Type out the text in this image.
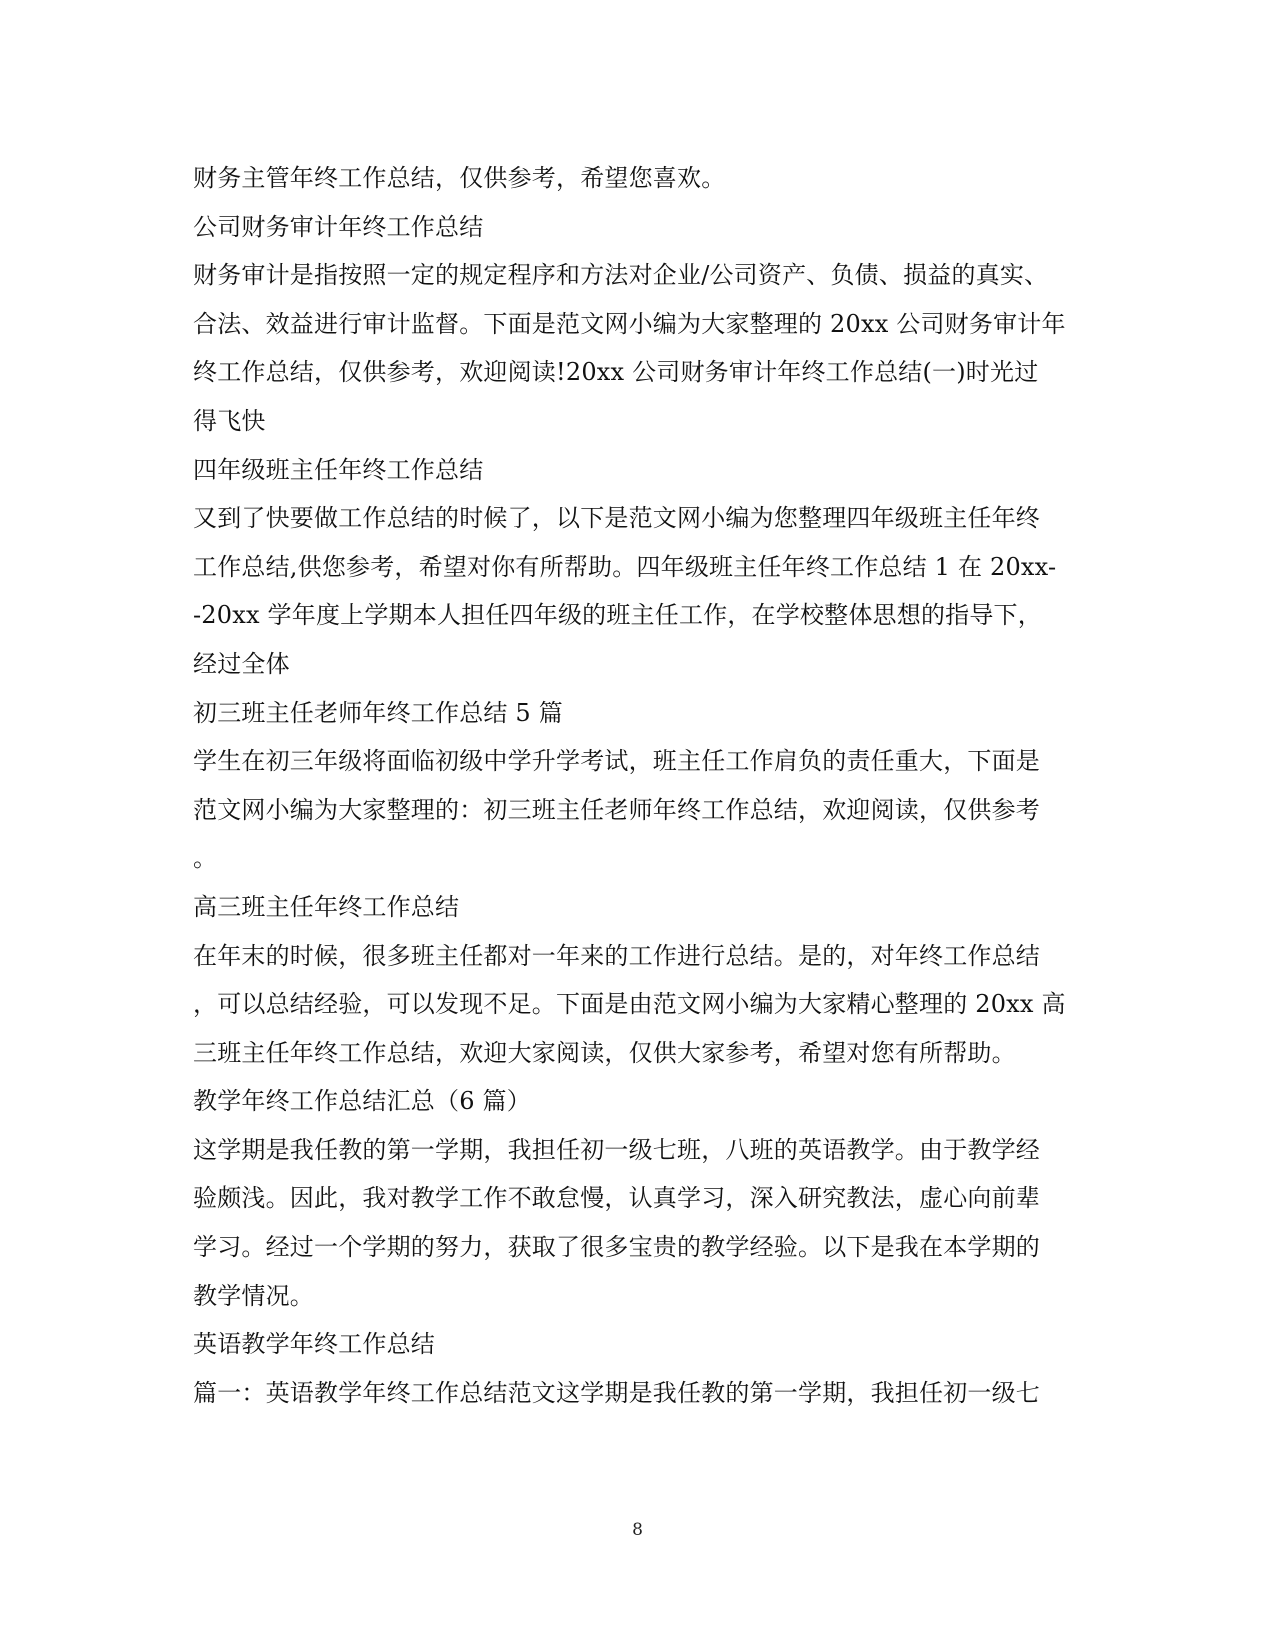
财务主管年终工作总结，仅供参考，希望您喜欢。
公司财务审计年终工作总结
财务审计是指按照一定的规定程序和方法对企业/公司资产、负债、损益的真实、
合法、效益进行审计监督。下面是范文网小编为大家整理的 20xx 公司财务审计年
终工作总结，仅供参考，欢迎阅读!20xx 公司财务审计年终工作总结(一)时光过
得飞快
四年级班主任年终工作总结
又到了快要做工作总结的时候了，以下是范文网小编为您整理四年级班主任年终
工作总结,供您参考，希望对你有所帮助。四年级班主任年终工作总结 1 在 20xx-
-20xx 学年度上学期本人担任四年级的班主任工作，在学校整体思想的指导下，
经过全体
初三班主任老师年终工作总结 5 篇
学生在初三年级将面临初级中学升学考试，班主任工作肩负的责任重大，下面是
范文网小编为大家整理的：初三班主任老师年终工作总结，欢迎阅读，仅供参考
。
高三班主任年终工作总结
在年末的时候，很多班主任都对一年来的工作进行总结。是的，对年终工作总结
，可以总结经验，可以发现不足。下面是由范文网小编为大家精心整理的 20xx 高
三班主任年终工作总结，欢迎大家阅读，仅供大家参考，希望对您有所帮助。
教学年终工作总结汇总（6 篇）
这学期是我任教的第一学期，我担任初一级七班，八班的英语教学。由于教学经
验颇浅。因此，我对教学工作不敢怠慢，认真学习，深入研究教法，虚心向前辈
学习。经过一个学期的努力，获取了很多宝贵的教学经验。以下是我在本学期的
教学情况。
英语教学年终工作总结
篇一：英语教学年终工作总结范文这学期是我任教的第一学期，我担任初一级七
8
